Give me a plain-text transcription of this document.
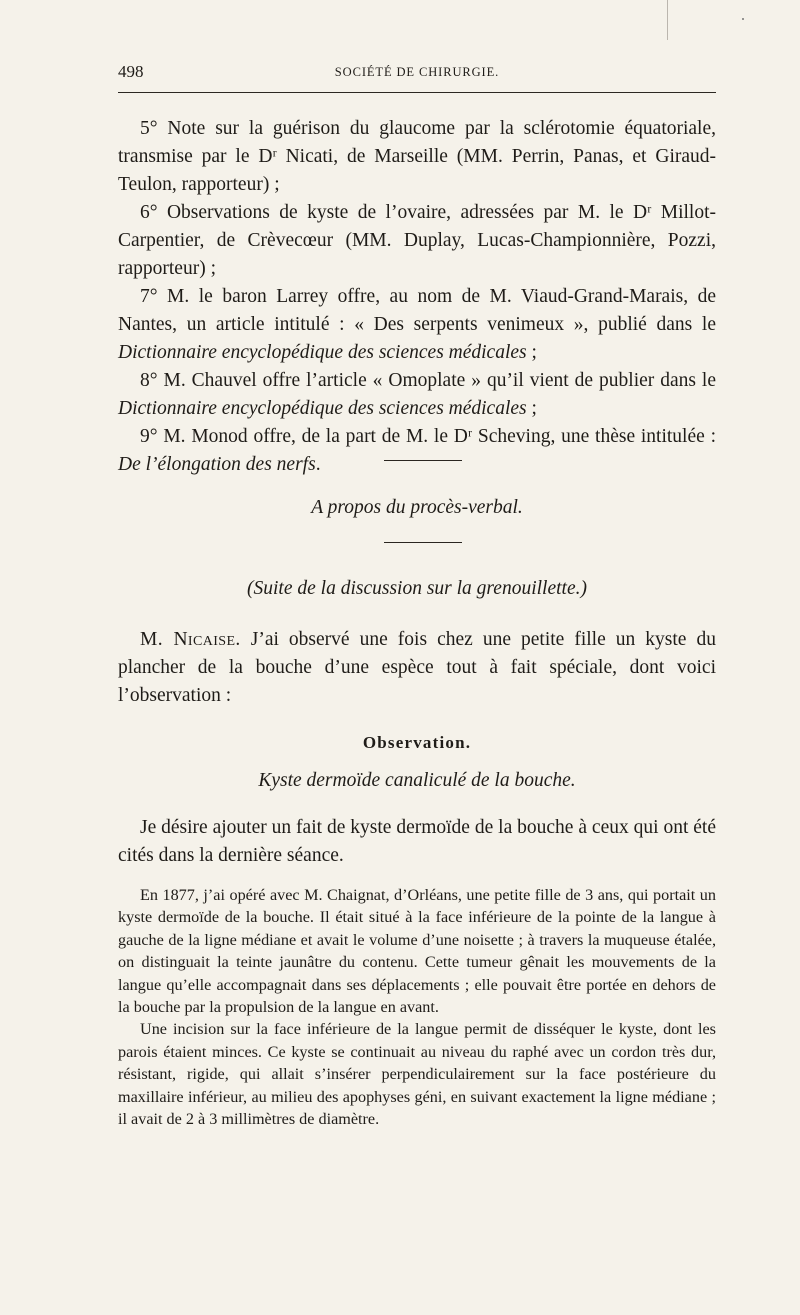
498	SOCIÉTÉ DE CHIRURGIE.

5° Note sur la guérison du glaucome par la sclérotomie équatoriale, transmise par le Dʳ Nicati, de Marseille (MM. Perrin, Panas, et Giraud-Teulon, rapporteur) ;

6° Observations de kyste de l’ovaire, adressées par M. le Dʳ Millot-Carpentier, de Crèvecœur (MM. Duplay, Lucas-Championnière, Pozzi, rapporteur) ;

7° M. le baron Larrey offre, au nom de M. Viaud-Grand-Marais, de Nantes, un article intitulé : « Des serpents venimeux », publié dans le Dictionnaire encyclopédique des sciences médicales ;

8° M. Chauvel offre l’article « Omoplate » qu’il vient de publier dans le Dictionnaire encyclopédique des sciences médicales ;

9° M. Monod offre, de la part de M. le Dʳ Scheving, une thèse intitulée : De l’élongation des nerfs.

A propos du procès-verbal.
(Suite de la discussion sur la grenouillette.)

M. Nicaise. J’ai observé une fois chez une petite fille un kyste du plancher de la bouche d’une espèce tout à fait spéciale, dont voici l’observation :

Observation.
Kyste dermoïde canaliculé de la bouche.

Je désire ajouter un fait de kyste dermoïde de la bouche à ceux qui ont été cités dans la dernière séance.

En 1877, j’ai opéré avec M. Chaignat, d’Orléans, une petite fille de 3 ans, qui portait un kyste dermoïde de la bouche. Il était situé à la face inférieure de la pointe de la langue à gauche de la ligne médiane et avait le volume d’une noisette ; à travers la muqueuse étalée, on distinguait la teinte jaunâtre du contenu. Cette tumeur gênait les mouvements de la langue qu’elle accompagnait dans ses déplacements ; elle pouvait être portée en dehors de la bouche par la propulsion de la langue en avant.

Une incision sur la face inférieure de la langue permit de disséquer le kyste, dont les parois étaient minces. Ce kyste se continuait au niveau du raphé avec un cordon très dur, résistant, rigide, qui allait s’insérer perpendiculairement sur la face postérieure du maxillaire inférieur, au milieu des apophyses géni, en suivant exactement la ligne médiane ; il avait de 2 à 3 millimètres de diamètre.
